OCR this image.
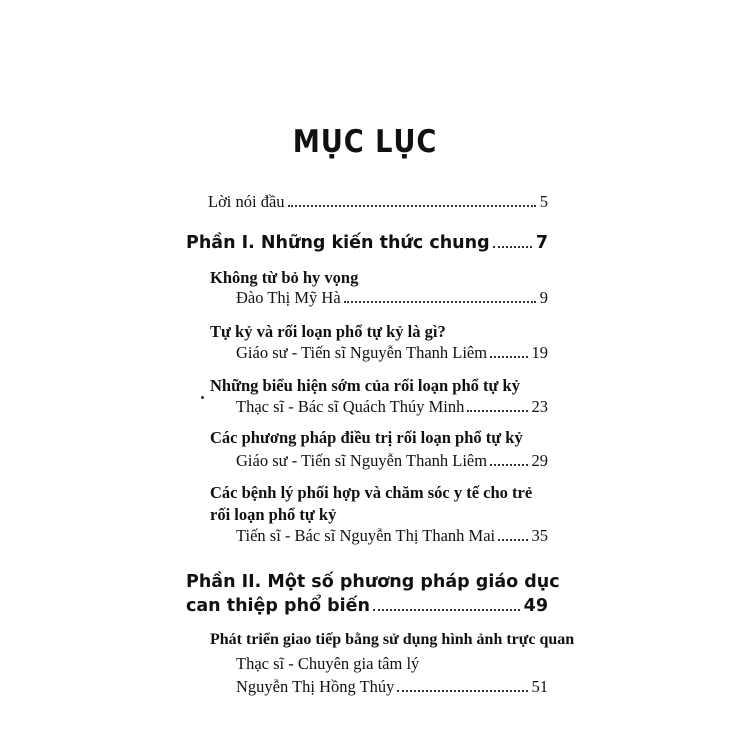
MỤC LỤC
Lời nói đầu	5
Phần I. Những kiến thức chung	7
Không từ bỏ hy vọng
Đào Thị Mỹ Hà	9
Tự kỷ và rối loạn phổ tự kỷ là gì?
Giáo sư - Tiến sĩ Nguyễn Thanh Liêm	19
Những biểu hiện sớm của rối loạn phổ tự kỷ
Thạc sĩ - Bác sĩ Quách Thúy Minh	23
Các phương pháp điều trị rối loạn phổ tự kỷ
Giáo sư - Tiến sĩ Nguyễn Thanh Liêm	29
Các bệnh lý phối hợp và chăm sóc y tế cho trẻ
rối loạn phổ tự kỷ
Tiến sĩ - Bác sĩ Nguyễn Thị Thanh Mai 35
Phần II. Một số phương pháp giáo dục
can thiệp phổ biến	49
Phát triển giao tiếp bằng sử dụng hình ảnh trực quan
Thạc sĩ - Chuyên gia tâm lý
Nguyễn Thị Hồng Thúy	51
